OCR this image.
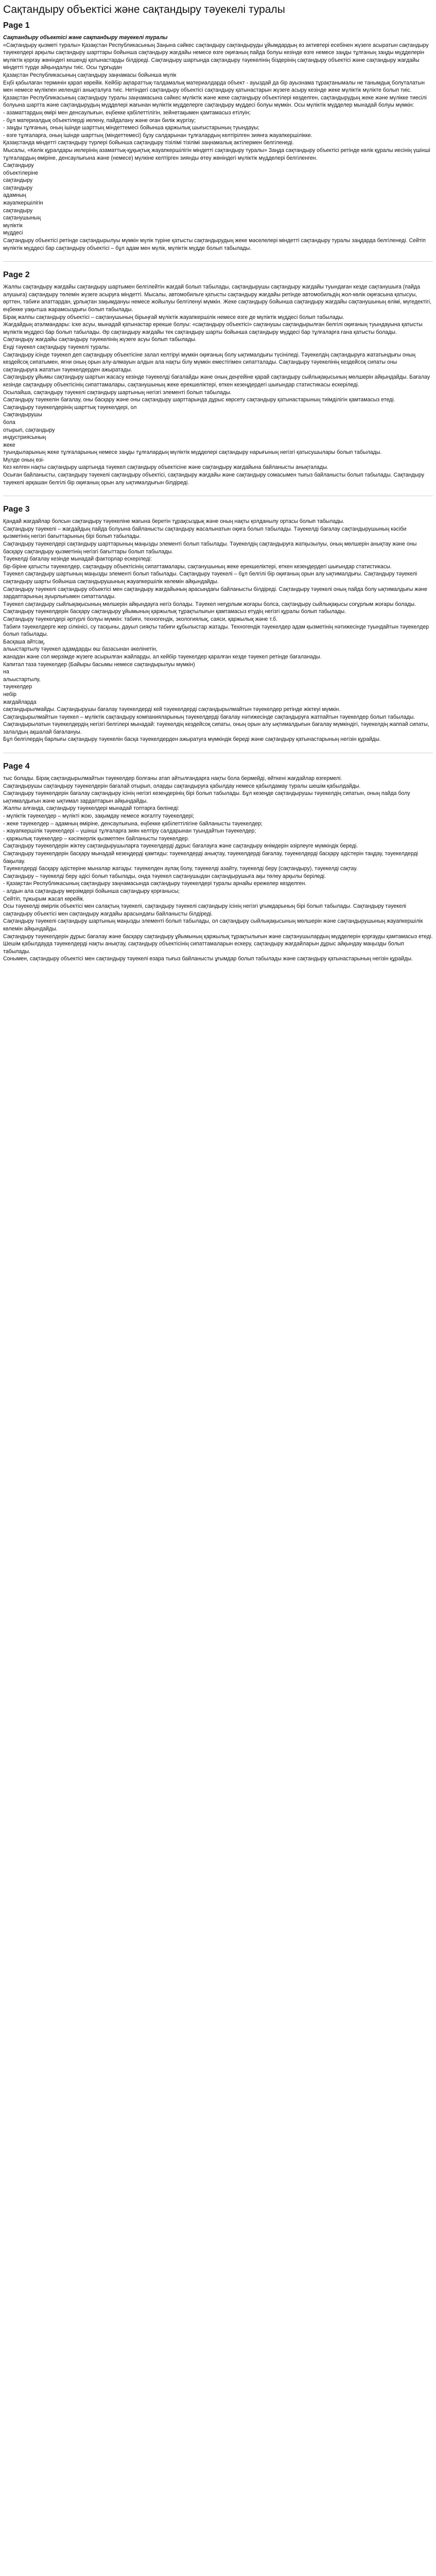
Сақтандыру объектісі және сақтандыру тәуекелі туралы
Page 1
Сақтандыру объектісі және сақтандыру тәуекелі туралы
«Сақтандыру қызметі туралы» Қазақстан Республикасының Заңына сәйкес сақтандыру сақтандыруды ұйымдардың өз активтері есебінен жүзеге асыратын сақтандыру тәуекелдері арқылы сақтандыру шарттары бойынша сақтандыру жағдайы немесе өзге оқиғаның пайда болуы кезінде өзге немесе заңды тұлғаның заңды мүдделерін мүліктік қорғау жөніндегі кешенді қатынастарды білдіреді. Сақтандыру шартында сақтандыру тәуекелінің біздерінің сақтандыру объектісі және сақтандыру жағдайы міндетті түрде айқындалуы тиіс. Осы тұрғыдан
Қазақстан Республикасының сақтандыру заңнамасы бойынша мүлік
Еңбі қабылаған терминін қарап көрейік. Кейбір ақпараттық-талдамалық материалдарда объект - ауыздай да бір ауызнама тұрақтанымалы не танымдық болуталатын мен немесе мүлікпен иелендігі анықталуға тиіс. Нетіндегі сақтандыру объектісі сақтандыру қатынастарын жүзеге асыру кезінде жеке мүліктік мүлікте болып тиіс.
Қазақстан Республикасының сақтандыру туралы заңнамасына сәйкес мүліктік және жеке сақтандыру объектілері көзделген, сақтандырудың жеке және мүлікке тиесілі болуына шартта және сақтандырудың мүдделері жағынан мүліктік мүдделерге сақтандыру мүддесі болуы мүмкін. Осы мүліктік мүдделер мынадай болуы мүмкін:
- азаматтардың өмірі мен денсаулығын, еңбекке қабілеттілігін, зейнетақымен қамтамасыз етілуін;
- бұл материалдық объектілерді иелену, пайдалану және оған билік жүргізу;
- заңды тұлғаның, оның ішінде шарттың міндеттемесі бойынша қаржылық шығыстарының туындауы;
- өзге тұлғаларға, оның ішінде шарттың (міндеттемесі) бұзу салдарынан тұлғалардың келтірілген зиянға жауапкершілікке.
Қазақстанда міндетті сақтандыру түрлері бойынша сақтандыру тізілімі тізілімі заңнамалық актілермен белгіленеді.
Мысалы, «Көлік құралдары иелерінің азаматтық-құқықтық жауапкершілігін міндетті сақтандыру туралы» Заңда сақтандыру объектісі ретінде көлік құралы иесінің үшінші тұлғалардың өміріне, денсаулығына және (немесе) мүлкіне келтірген зиянды өтеу жөніндегі мүліктік мүдделері белгіленген.
Сақтандыру
объектілеріне
сақтандыру
сақтандыру
адамның
жауапкершілігін
сақтандыру
сақтанушының
мүліктік
мүддесі
Сақтандыру объектісі ретінде сақтандырылуы мүмкін мүлік түріне қатысты сақтандырудың жеке мәселелері міндетті сақтандыру туралы заңдарда белгіленеді. Сейтіп мүліктік мүддесі бар сақтандыру объектісі – бұл адам мен мүлік, мүліктік мүдде болып табылады.
Page 2
Жалпы сақтандыру жағдайы сақтандыру шартымен белгілейтін жағдай болып табылады, сақтандырушы сақтандыру жағдайы туындаған кезде сақтанушыға (пайда алушыға) сақтандыру төлемін жүзеге асыруға міндетті. Мысалы, автомобильге қатысты сақтандыру жағдайы ретінде автомобильдің жол-көлік оқиғасына қатысуы, өрттен, табиғи апаттардан, ұрлықтан зақымдануы немесе жойылуы белгіленуі мүмкін. Жеке сақтандыру бойынша сақтандыру жағдайы сақтанушының өлімі, мүгедектігі, еңбекке уақытша жарамсыздығы болып табылады.
Бірақ жалпы сақтандыру объектісі – сақтанушының бірыңғай мүліктік жауапкершілік немесе өзге де мүліктік мүддесі болып табылады.
Жағдайдың аталмандары: іске асуы, мынадай қатынастар ерекше болуы: «сақтандыру объектісі» сақтанушы сақтандырылған белгілі оқиғаның туындауына қатысты мүліктік мүддесі бар болып табылады. Әр сақтандыру жағдайы тек сақтандыру шарты бойынша сақтандыру мүддесі бар тұлғаларға ғана қатысты болады.
Сақтандыру жағдайы сақтандыру тәуекелінің жүзеге асуы болып табылады.
Енді тәуекел сақтандыру тәуекелі туралы.
Сақтандыру ісінде тәуекел деп сақтандыру объектісіне залал келтіруі мүмкін оқиғаның болу ықтималдығы түсініледі. Тәуекелдің сақтандыруға жататындығы оның кездейсоқ сипатымен, яғни оның орын алу-алмауын алдын ала нақты білу мүмкін еместігімен сипатталады. Сақтандыру тәуекелінің кездейсоқ сипаты оны сақтандыруға жататын тәуекелдерден ажыратады.
Сақтандыру ұйымы сақтандыру шартын жасасу кезінде тәуекелді бағалайды және оның деңгейіне қарай сақтандыру сыйлықақысының мөлшерін айқындайды. Бағалау кезінде сақтандыру объектісінің сипаттамалары, сақтанушының жеке ерекшеліктері, өткен кезеңдердегі шығындар статистикасы ескеріледі.
Осылайша, сақтандыру тәуекелі сақтандыру шартының негізгі элементі болып табылады.
Сақтандыру тәуекелін бағалау, оны басқару және оны сақтандыру шарттарында дұрыс көрсету сақтандыру қатынастарының тиімділігін қамтамасыз етеді.
Сақтандыру тәуекелдерінің шарттық тәуекелдері, ол
Сақтандырушы
бола
отырып, сақтандыру
индустриясының
жеке
туындыларының жеке тұлғаларының немесе заңды тұлғалардың мүліктік мүдделері сақтандыру нарығының негізгі қатысушылары болып табылады.
Мүлде оның өзі-
Кез келген нақты сақтандыру шартында тәуекел сақтандыру объектісіне және сақтандыру жағдайына байланысты анықталады.
Осыған байланысты, сақтандыру тәуекелі сақтандыру объектісі, сақтандыру жағдайы және сақтандыру сомасымен тығыз байланысты болып табылады. Сақтандыру тәуекелі әрқашан белгілі бір оқиғаның орын алу ықтималдығын білдіреді.
Page 3
Қандай жағдайлар болсын сақтандыру тәуекеліне мағына беретін тұрақсыздық және оның нақты қолданылу ортасы болып табылады.
Сақтандыру тәуекелі – жағдайдың пайда болуына байланысты сақтандыру жасалынатын оқиға болып табылады. Тәуекелді бағалау сақтандырушының кәсіби қызметінің негізгі бағыттарының бірі болып табылады.
Сақтандыру тәуекелдері сақтандыру шарттарының маңызды элементі болып табылады. Тәуекелдің сақтандыруға жатқызылуы, оның мөлшерін анықтау және оны басқару сақтандыру қызметінің негізгі бағыттары болып табылады.
Тәуекелді бағалау кезінде мынадай факторлар ескеріледі:
бір-біріне қатысты тәуекелдер, сақтандыру объектісінің сипаттамалары, сақтанушының жеке ерекшеліктері, өткен кезеңдердегі шығындар статистикасы.
Тәуекел сақтандыру шартының маңызды элементі болып табылады. Сақтандыру тәуекелі – бұл белгілі бір оқиғаның орын алу ықтималдығы. Сақтандыру тәуекелі сақтандыру шарты бойынша сақтандырушының жауапкершілік көлемін айқындайды.
Сақтандыру тәуекелі сақтандыру объектісі мен сақтандыру жағдайының арасындағы байланысты білдіреді. Сақтандыру тәуекелі оның пайда болу ықтималдығы және зардаптарының ауырлығымен сипатталады.
Тәуекел сақтандыру сыйлықақысының мөлшерін айқындауға негіз болады. Тәуекел неғұрлым жоғары болса, сақтандыру сыйлықақысы соғұрлым жоғары болады.
Сақтандыру тәуекелдерін басқару сақтандыру ұйымының қаржылық тұрақтылығын қамтамасыз етудің негізгі құралы болып табылады.
Сақтандыру тәуекелдері әртүрлі болуы мүмкін: табиғи, техногендік, экологиялық, саяси, қаржылық және т.б.
Табиғи тәуекелдерге жер сілкінісі, су тасқыны, дауыл сияқты табиғи құбылыстар жатады. Техногендік тәуекелдер адам қызметінің нәтижесінде туындайтын тәуекелдер болып табылады.
Басқаша айтсақ,
альыстартылу тәуекел адамдарды өш базасынан әкелінетін,
жанадан және сол мерзімде жүзеге асырылған жайларды, ал кейбір тәуекелдер қаралған кезде тәуекел ретінде бағаланады.
Капитал таза тәуекелдер (Байыры басымы немесе сақтандырылуы мүмкін)
на
альыстартылу,
тәуекелдер
небір
жағдайларда
сақтандырылмайды. Сақтандырушы бағалау тәуекелдерді кей тәуекелдерді сақтандырылмайтын тәуекелдер ретінде жіктеуі мүмкін.
Сақтандырылмайтын тәуекел – мүліктік сақтандыру компанияларының тәуекелдерді бағалау нәтижесінде сақтандыруға жатпайтын тәуекелдер болып табылады.
Сақтандырылатын тәуекелдердің негізгі белгілері мынадай: тәуекелдің кездейсоқ сипаты, оның орын алу ықтималдығын бағалау мүмкіндігі, тәуекелдің жаппай сипаты, залалдың ақшалай бағалануы.
Бұл белгілердің барлығы сақтандыру тәуекелін басқа тәуекелдерден ажыратуға мүмкіндік береді және сақтандыру қатынастарының негізін құрайды.
Page 4
тыс болады. Бірақ сақтандырылмайтын тәуекелдер болғаны атап айтылғандарға нақты бола бермейді, өйткені жағдайлар өзгермелі.
Сақтандырушы сақтандыру тәуекелдерін бағалай отырып, оларды сақтандыруға қабылдау немесе қабылдамау туралы шешім қабылдайды.
Сақтандыру тәуекелдерін бағалау сақтандыру ісінің негізгі кезеңдерінің бірі болып табылады. Бұл кезеңде сақтандырушы тәуекелдің сипатын, оның пайда болу ықтималдығын және ықтимал зардаптарын айқындайды.
Жалпы алғанда, сақтандыру тәуекелдері мынадай топтарға бөлінеді:
- мүліктік тәуекелдер – мүлікті жою, зақымдау немесе жоғалту тәуекелдері;
- жеке тәуекелдер – адамның өміріне, денсаулығына, еңбекке қабілеттілігіне байланысты тәуекелдер;
- жауапкершілік тәуекелдері – үшінші тұлғаларға зиян келтіру салдарынан туындайтын тәуекелдер;
- қаржылық тәуекелдер – кәсіпкерлік қызметпен байланысты тәуекелдер.
Сақтандыру тәуекелдерін жіктеу сақтандырушыларға тәуекелдерді дұрыс бағалауға және сақтандыру өнімдерін әзірлеуге мүмкіндік береді.
Сақтандыру тәуекелдерін басқару мынадай кезеңдерді қамтиды: тәуекелдерді анықтау, тәуекелдерді бағалау, тәуекелдерді басқару әдістерін таңдау, тәуекелдерді бақылау.
Тәуекелдерді басқару әдістеріне мыналар жатады: тәуекелден аулақ болу, тәуекелді азайту, тәуекелді беру (сақтандыру), тәуекелді сақтау.
Сақтандыру – тәуекелді беру әдісі болып табылады, онда тәуекел сақтанушыдан сақтандырушыға ақы төлеу арқылы беріледі.
- Қазақстан Республикасының сақтандыру заңнамасында сақтандыру тәуекелдері туралы арнайы ережелер көзделген.
- алдын ала сақтандыру мерзімдері бойынша сақтандыру қорғанысы;
Сейтіп, тұжырым жасап көрейік.
Осы тәуекелді өмірлік объектісі мен салақтың тәуекелі, сақтандыру тәуекелі сақтандыру ісінің негізгі ұғымдарының бірі болып табылады. Сақтандыру тәуекелі сақтандыру объектісі мен сақтандыру жағдайы арасындағы байланысты білдіреді.
Сақтандыру тәуекелі сақтандыру шартының маңызды элементі болып табылады, ол сақтандыру сыйлықақысының мөлшерін және сақтандырушының жауапкершілік көлемін айқындайды.
Сақтандыру тәуекелдерін дұрыс бағалау және басқару сақтандыру ұйымының қаржылық тұрақтылығын және сақтанушылардың мүдделерін қорғауды қамтамасыз етеді.
Шешім қабылдауда тәуекелдерді нақты анықтау, сақтандыру объектісінің сипаттамаларын ескеру, сақтандыру жағдайларын дұрыс айқындау маңызды болып табылады.
Сонымен, сақтандыру объектісі мен сақтандыру тәуекелі өзара тығыз байланысты ұғымдар болып табылады және сақтандыру қатынастарының негізін құрайды.
